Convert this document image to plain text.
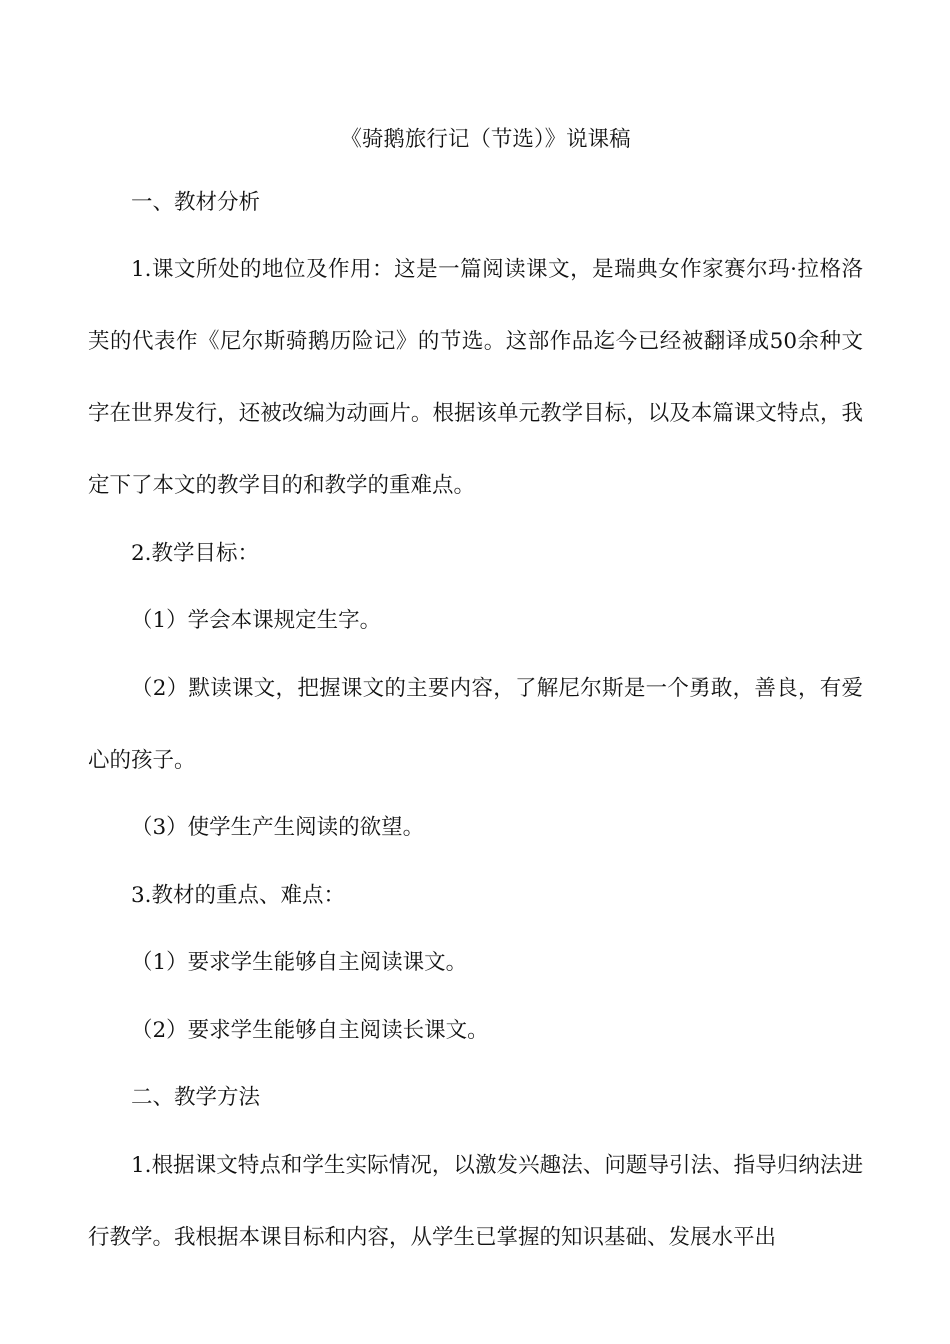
《骑鹅旅行记（节选）》说课稿

一、教材分析

1.课文所处的地位及作用：这是一篇阅读课文，是瑞典女作家赛尔玛·拉格洛芙的代表作《尼尔斯骑鹅历险记》的节选。这部作品迄今已经被翻译成50余种文字在世界发行，还被改编为动画片。根据该单元教学目标，以及本篇课文特点，我定下了本文的教学目的和教学的重难点。

2.教学目标：

（1）学会本课规定生字。

（2）默读课文，把握课文的主要内容，了解尼尔斯是一个勇敢，善良，有爱心的孩子。

（3）使学生产生阅读的欲望。

3.教材的重点、难点：

（1）要求学生能够自主阅读课文。

（2）要求学生能够自主阅读长课文。

二、教学方法

1.根据课文特点和学生实际情况，以激发兴趣法、问题导引法、指导归纳法进行教学。我根据本课目标和内容，从学生已掌握的知识基础、发展水平出
